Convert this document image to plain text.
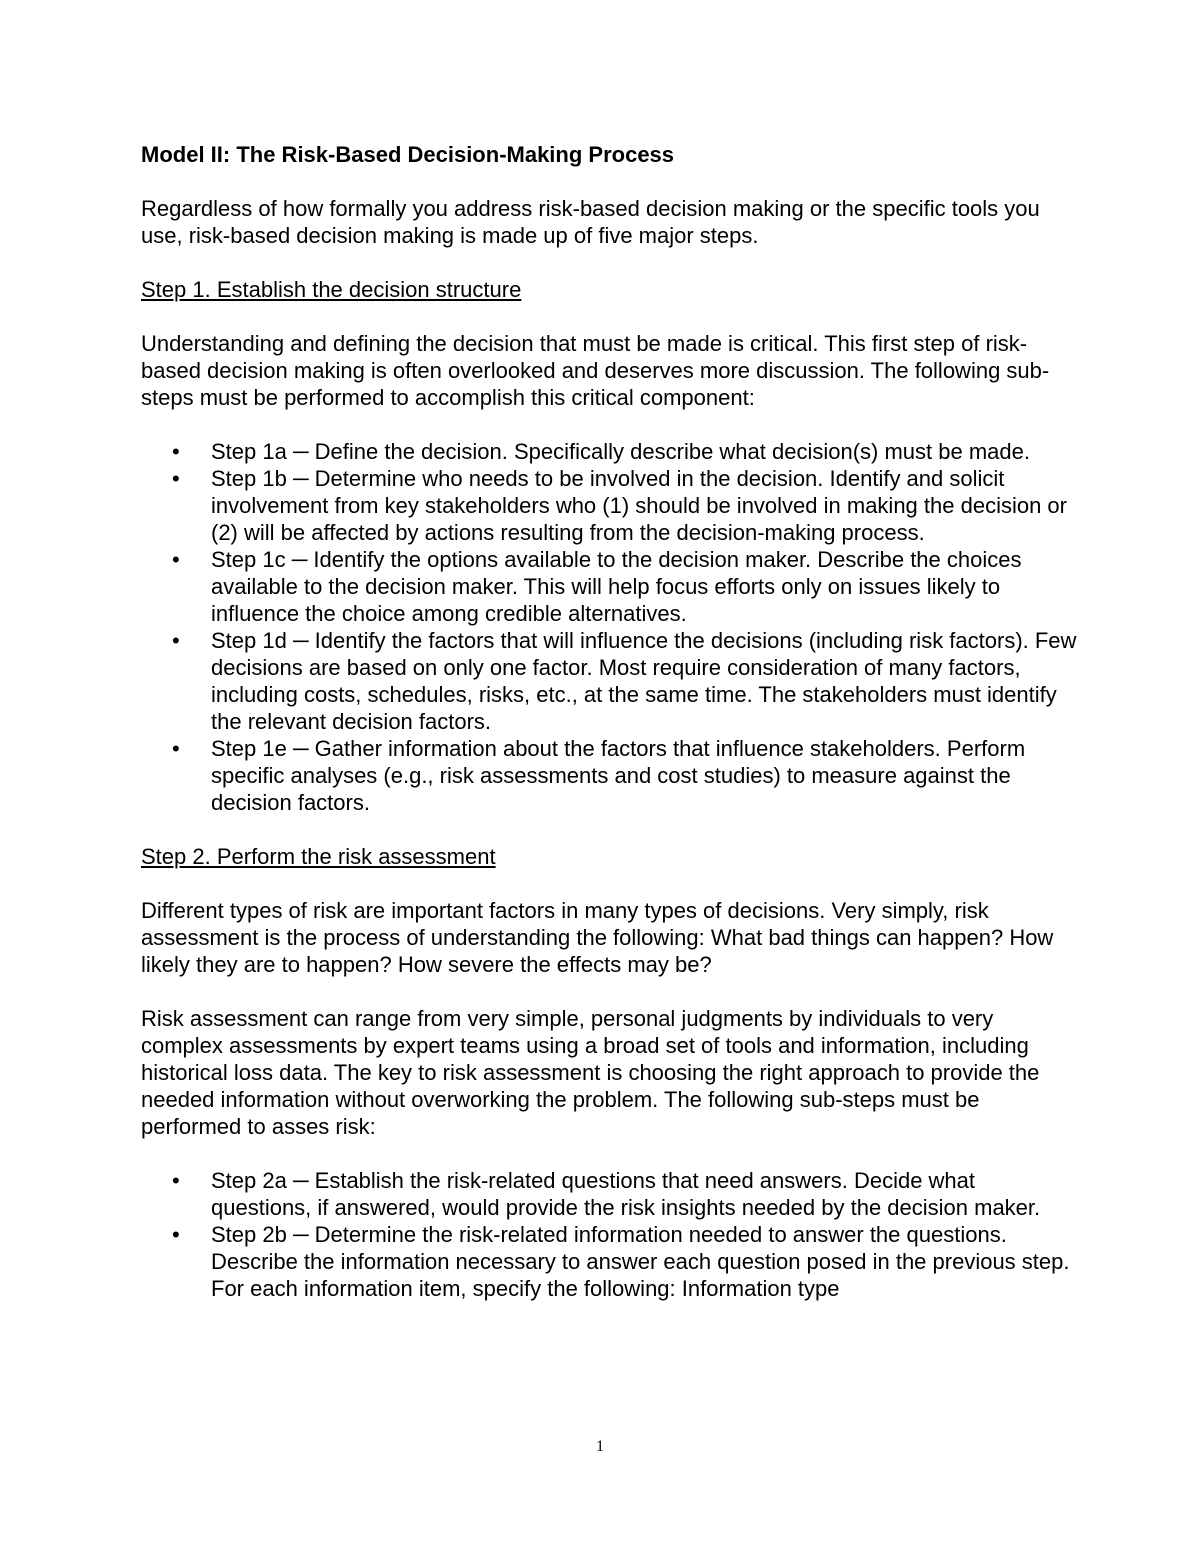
Model II: The Risk-Based Decision-Making Process

Regardless of how formally you address risk-based decision making or the specific tools you use, risk-based decision making is made up of five major steps.

Step 1. Establish the decision structure

Understanding and defining the decision that must be made is critical. This first step of risk-based decision making is often overlooked and deserves more discussion. The following sub-steps must be performed to accomplish this critical component:

• Step 1a ─ Define the decision. Specifically describe what decision(s) must be made.
• Step 1b ─ Determine who needs to be involved in the decision. Identify and solicit involvement from key stakeholders who (1) should be involved in making the decision or (2) will be affected by actions resulting from the decision-making process.
• Step 1c ─ Identify the options available to the decision maker. Describe the choices available to the decision maker. This will help focus efforts only on issues likely to influence the choice among credible alternatives.
• Step 1d ─ Identify the factors that will influence the decisions (including risk factors). Few decisions are based on only one factor. Most require consideration of many factors, including costs, schedules, risks, etc., at the same time. The stakeholders must identify the relevant decision factors.
• Step 1e ─ Gather information about the factors that influence stakeholders. Perform specific analyses (e.g., risk assessments and cost studies) to measure against the decision factors.

Step 2. Perform the risk assessment

Different types of risk are important factors in many types of decisions. Very simply, risk assessment is the process of understanding the following: What bad things can happen? How likely they are to happen? How severe the effects may be?

Risk assessment can range from very simple, personal judgments by individuals to very complex assessments by expert teams using a broad set of tools and information, including historical loss data. The key to risk assessment is choosing the right approach to provide the needed information without overworking the problem. The following sub-steps must be performed to asses risk:

• Step 2a ─ Establish the risk-related questions that need answers. Decide what questions, if answered, would provide the risk insights needed by the decision maker.
• Step 2b ─ Determine the risk-related information needed to answer the questions. Describe the information necessary to answer each question posed in the previous step. For each information item, specify the following: Information type
1
